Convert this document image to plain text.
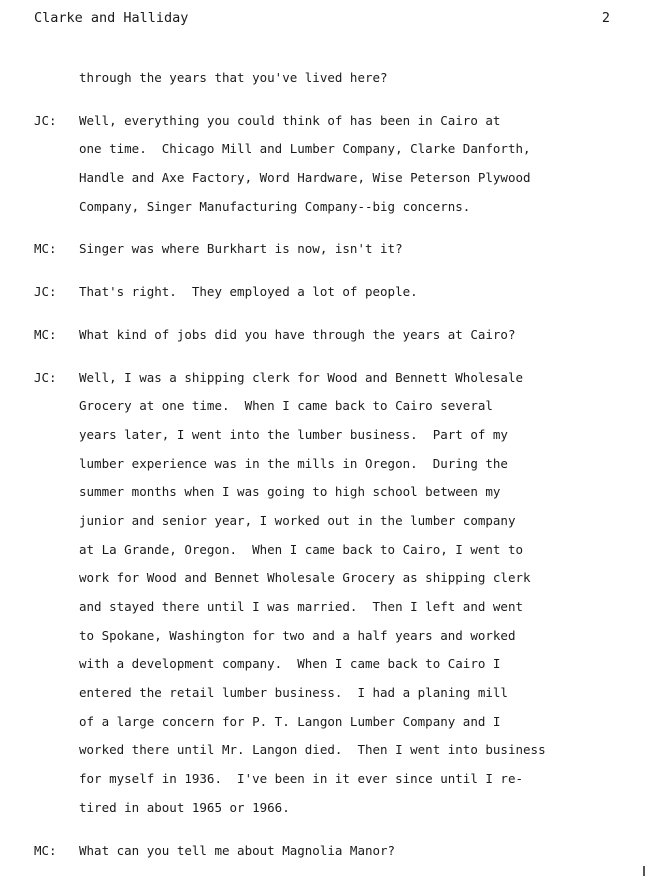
Clarke and Halliday	2
through the years that you've lived here?
JC:	Well, everything you could think of has been in Cairo at
one time.  Chicago Mill and Lumber Company, Clarke Danforth,
Handle and Axe Factory, Word Hardware, Wise Peterson Plywood
Company, Singer Manufacturing Company--big concerns.
MC:	Singer was where Burkhart is now, isn't it?
JC:	That's right.  They employed a lot of people.
MC:	What kind of jobs did you have through the years at Cairo?
JC:	Well, I was a shipping clerk for Wood and Bennett Wholesale
Grocery at one time.  When I came back to Cairo several
years later, I went into the lumber business.  Part of my
lumber experience was in the mills in Oregon.  During the
summer months when I was going to high school between my
junior and senior year, I worked out in the lumber company
at La Grande, Oregon.  When I came back to Cairo, I went to
work for Wood and Bennet Wholesale Grocery as shipping clerk
and stayed there until I was married.  Then I left and went
to Spokane, Washington for two and a half years and worked
with a development company.  When I came back to Cairo I
entered the retail lumber business.  I had a planing mill
of a large concern for P. T. Langon Lumber Company and I
worked there until Mr. Langon died.  Then I went into business
for myself in 1936.  I've been in it ever since until I re-
tired in about 1965 or 1966.
MC:	What can you tell me about Magnolia Manor?
